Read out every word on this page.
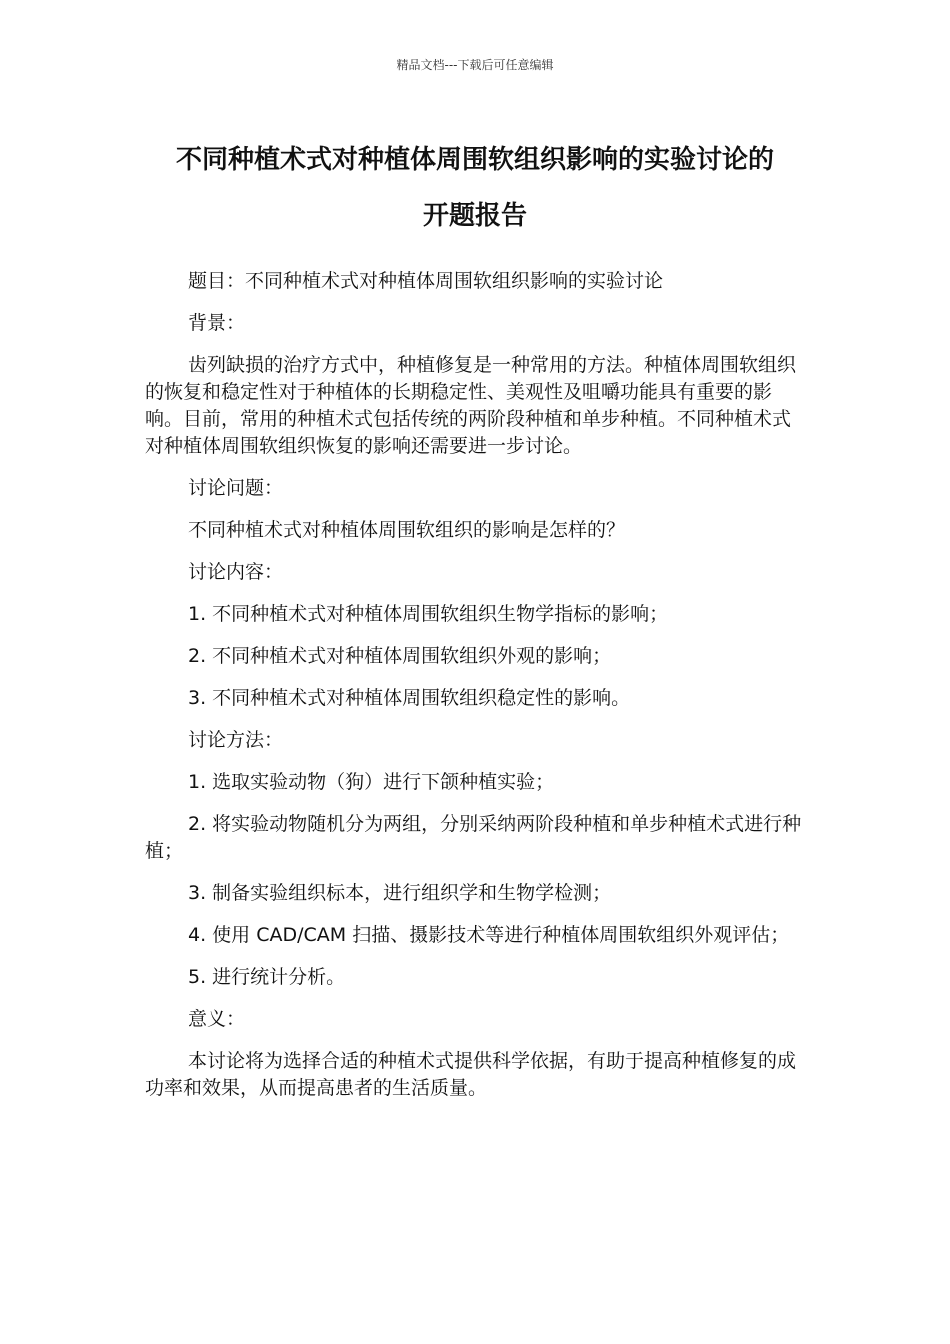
精品文档---下载后可任意编辑
不同种植术式对种植体周围软组织影响的实验讨论的
开题报告

题目：不同种植术式对种植体周围软组织影响的实验讨论

背景：

齿列缺损的治疗方式中，种植修复是一种常用的方法。种植体周围软组织的恢复和稳定性对于种植体的长期稳定性、美观性及咀嚼功能具有重要的影响。目前，常用的种植术式包括传统的两阶段种植和单步种植。不同种植术式对种植体周围软组织恢复的影响还需要进一步讨论。

讨论问题：

不同种植术式对种植体周围软组织的影响是怎样的？

讨论内容：

1. 不同种植术式对种植体周围软组织生物学指标的影响；

2. 不同种植术式对种植体周围软组织外观的影响；

3. 不同种植术式对种植体周围软组织稳定性的影响。

讨论方法：

1. 选取实验动物（狗）进行下颌种植实验；

2. 将实验动物随机分为两组，分别采纳两阶段种植和单步种植术式进行种植；

3. 制备实验组织标本，进行组织学和生物学检测；

4. 使用 CAD/CAM 扫描、摄影技术等进行种植体周围软组织外观评估；

5. 进行统计分析。

意义：

本讨论将为选择合适的种植术式提供科学依据，有助于提高种植修复的成功率和效果，从而提高患者的生活质量。
